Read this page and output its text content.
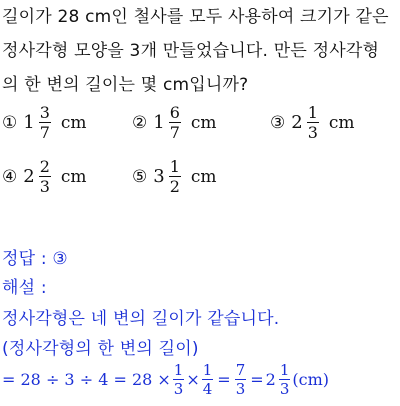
길이가 28 cm인 철사를 모두 사용하여 크기가 같은
정사각형 모양을 3개 만들었습니다. 만든 정사각형
의 한 변의 길이는 몇 cm입니까?
① $1 \frac{3}{7}$ cm	② $1 \frac{6}{7}$ cm	③ $2 \frac{1}{3}$ cm
④ $2 \frac{2}{3}$ cm	⑤ $3 \frac{1}{2}$ cm
정답 : ③
해설 :
정사각형은 네 변의 길이가 같습니다.
(정사각형의 한 변의 길이)
= $28 \div 3 \div 4 = 28 \times \frac{1}{3} \times \frac{1}{4} = \frac{7}{3} = 2 \frac{1}{3} (cm)$
